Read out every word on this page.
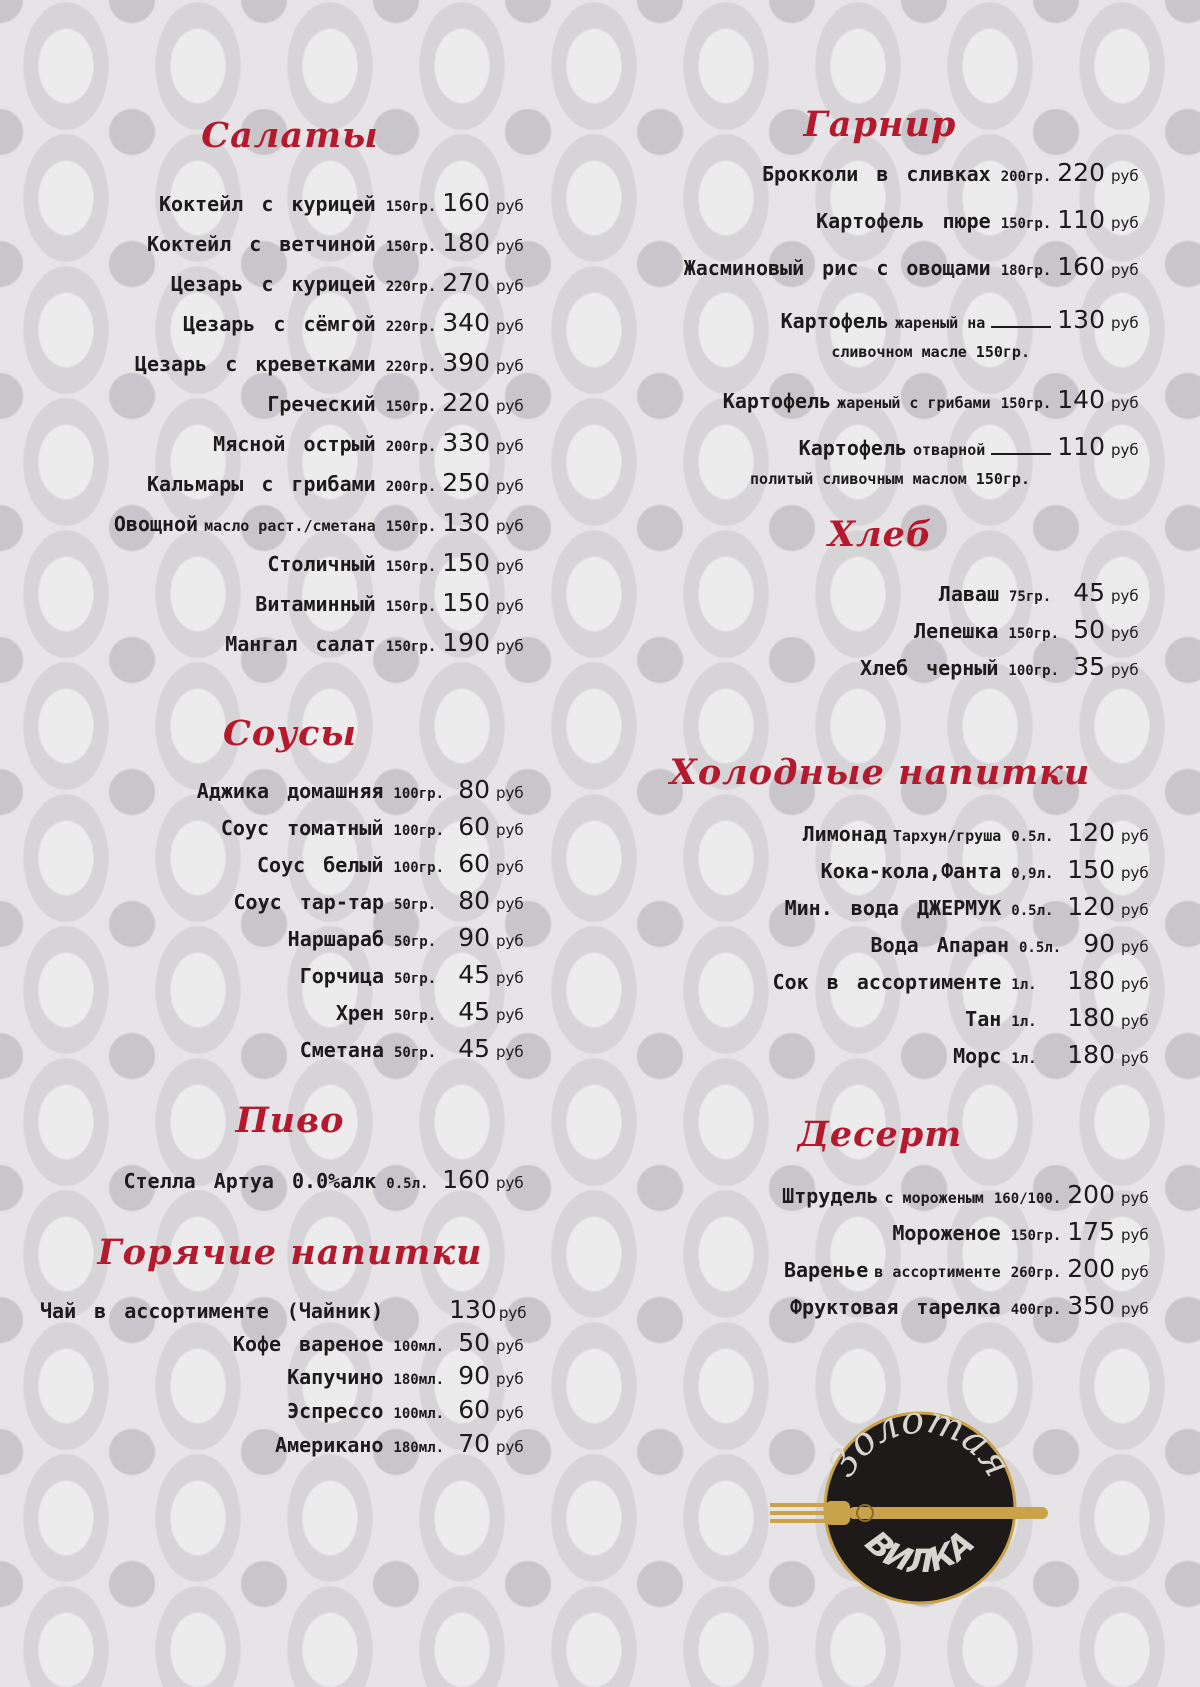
Салаты
Коктейл с курицей 150гр. 160 руб
Коктейл с ветчиной 150гр. 180 руб
Цезарь с курицей 220гр. 270 руб
Цезарь с сёмгой 220гр. 340 руб
Цезарь с креветками 220гр. 390 руб
Греческий 150гр. 220 руб
Мясной острый 200гр. 330 руб
Кальмары с грибами 200гр. 250 руб
Овощной масло раст./сметана 150гр. 130 руб
Столичный 150гр. 150 руб
Витаминный 150гр. 150 руб
Мангал салат 150гр. 190 руб
Соусы
Аджика домашняя 100гр. 80 руб
Соус томатный 100гр. 60 руб
Соус белый 100гр. 60 руб
Соус тар-тар 50гр. 80 руб
Наршараб 50гр. 90 руб
Горчица 50гр. 45 руб
Хрен 50гр. 45 руб
Сметана 50гр. 45 руб
Пиво
Стелла Артуа 0.0%алк 0.5л. 160 руб
Горячие напитки
Чай в ассортименте (Чайник)	130 руб
Кофе вареное 100мл. 50 руб
Капучино 180мл. 90 руб
Эспрессо 100мл. 60 руб
Американо 180мл. 70 руб
Гарнир
Брокколи в сливках 200гр. 220 руб
Картофель пюре 150гр. 110 руб
Жасминовый рис с овощами 180гр. 160 руб
Картофель жареный на	130 руб
сливочном масле 150гр.
Картофель жареный с грибами 150гр. 140 руб
Картофель отварной	110 руб
политый сливочным маслом 150гр.
Хлеб
Лаваш 75гр. 45 руб
Лепешка 150гр. 50 руб
Хлеб черный 100гр. 35 руб
Холодные напитки
Лимонад Тархун/груша 0.5л. 120 руб
Кока-кола,Фанта 0,9л. 150 руб
Мин. вода ДЖЕРМУК 0.5л. 120 руб
Вода Апаран 0.5л. 90 руб
Сок в ассортименте 1л.	180 руб
Тан 1л.	180 руб
Морс 1л.	180 руб
Десерт
Штрудель с мороженым 160/100. 200 руб
Мороженое 150гр. 175 руб
Варенье в ассортименте 260гр. 200 руб
Фруктовая тарелка 400гр. 350 руб
Золотая
ВИЛКА
